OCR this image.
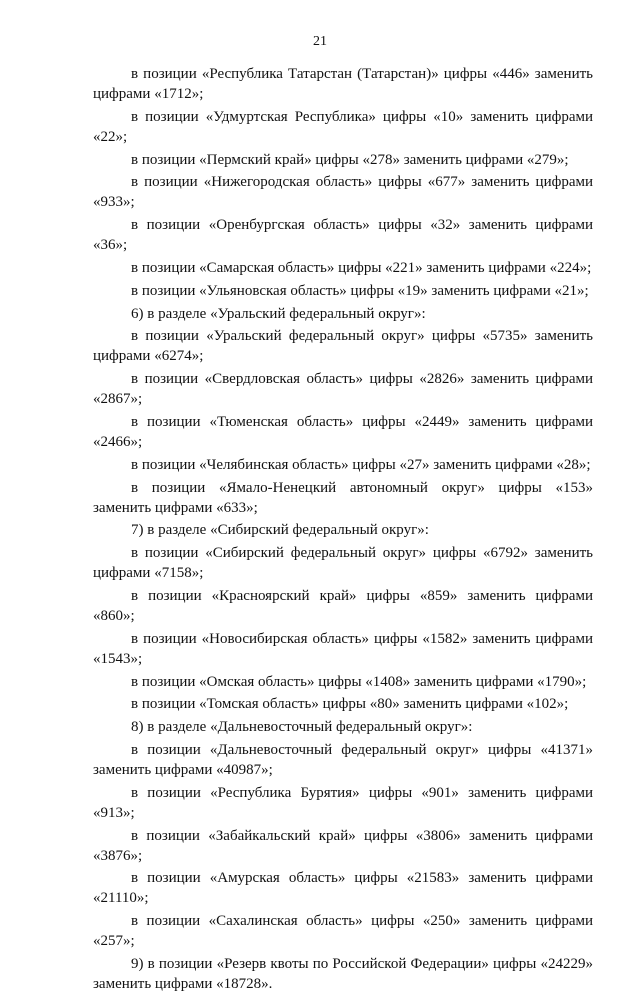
21

в позиции «Республика Татарстан (Татарстан)» цифры «446» заменить цифрами «1712»;

в позиции «Удмуртская Республика» цифры «10» заменить цифрами «22»;

в позиции «Пермский край» цифры «278» заменить цифрами «279»;

в позиции «Нижегородская область» цифры «677» заменить цифрами «933»;

в позиции «Оренбургская область» цифры «32» заменить цифрами «36»;

в позиции «Самарская область» цифры «221» заменить цифрами «224»;

в позиции «Ульяновская область» цифры «19» заменить цифрами «21»;

6) в разделе «Уральский федеральный округ»:

в позиции «Уральский федеральный округ» цифры «5735» заменить цифрами «6274»;

в позиции «Свердловская область» цифры «2826» заменить цифрами «2867»;

в позиции «Тюменская область» цифры «2449» заменить цифрами «2466»;

в позиции «Челябинская область» цифры «27» заменить цифрами «28»;

в позиции «Ямало-Ненецкий автономный округ» цифры «153» заменить цифрами «633»;

7) в разделе «Сибирский федеральный округ»:

в позиции «Сибирский федеральный округ» цифры «6792» заменить цифрами «7158»;

в позиции «Красноярский край» цифры «859» заменить цифрами «860»;

в позиции «Новосибирская область» цифры «1582» заменить цифрами «1543»;

в позиции «Омская область» цифры «1408» заменить цифрами «1790»;

в позиции «Томская область» цифры «80» заменить цифрами «102»;

8) в разделе «Дальневосточный федеральный округ»:

в позиции «Дальневосточный федеральный округ» цифры «41371» заменить цифрами «40987»;

в позиции «Республика Бурятия» цифры «901» заменить цифрами «913»;

в позиции «Забайкальский край» цифры «3806» заменить цифрами «3876»;

в позиции «Амурская область» цифры «21583» заменить цифрами «21110»;

в позиции «Сахалинская область» цифры «250» заменить цифрами «257»;

9) в позиции «Резерв квоты по Российской Федерации» цифры «24229» заменить цифрами «18728».
